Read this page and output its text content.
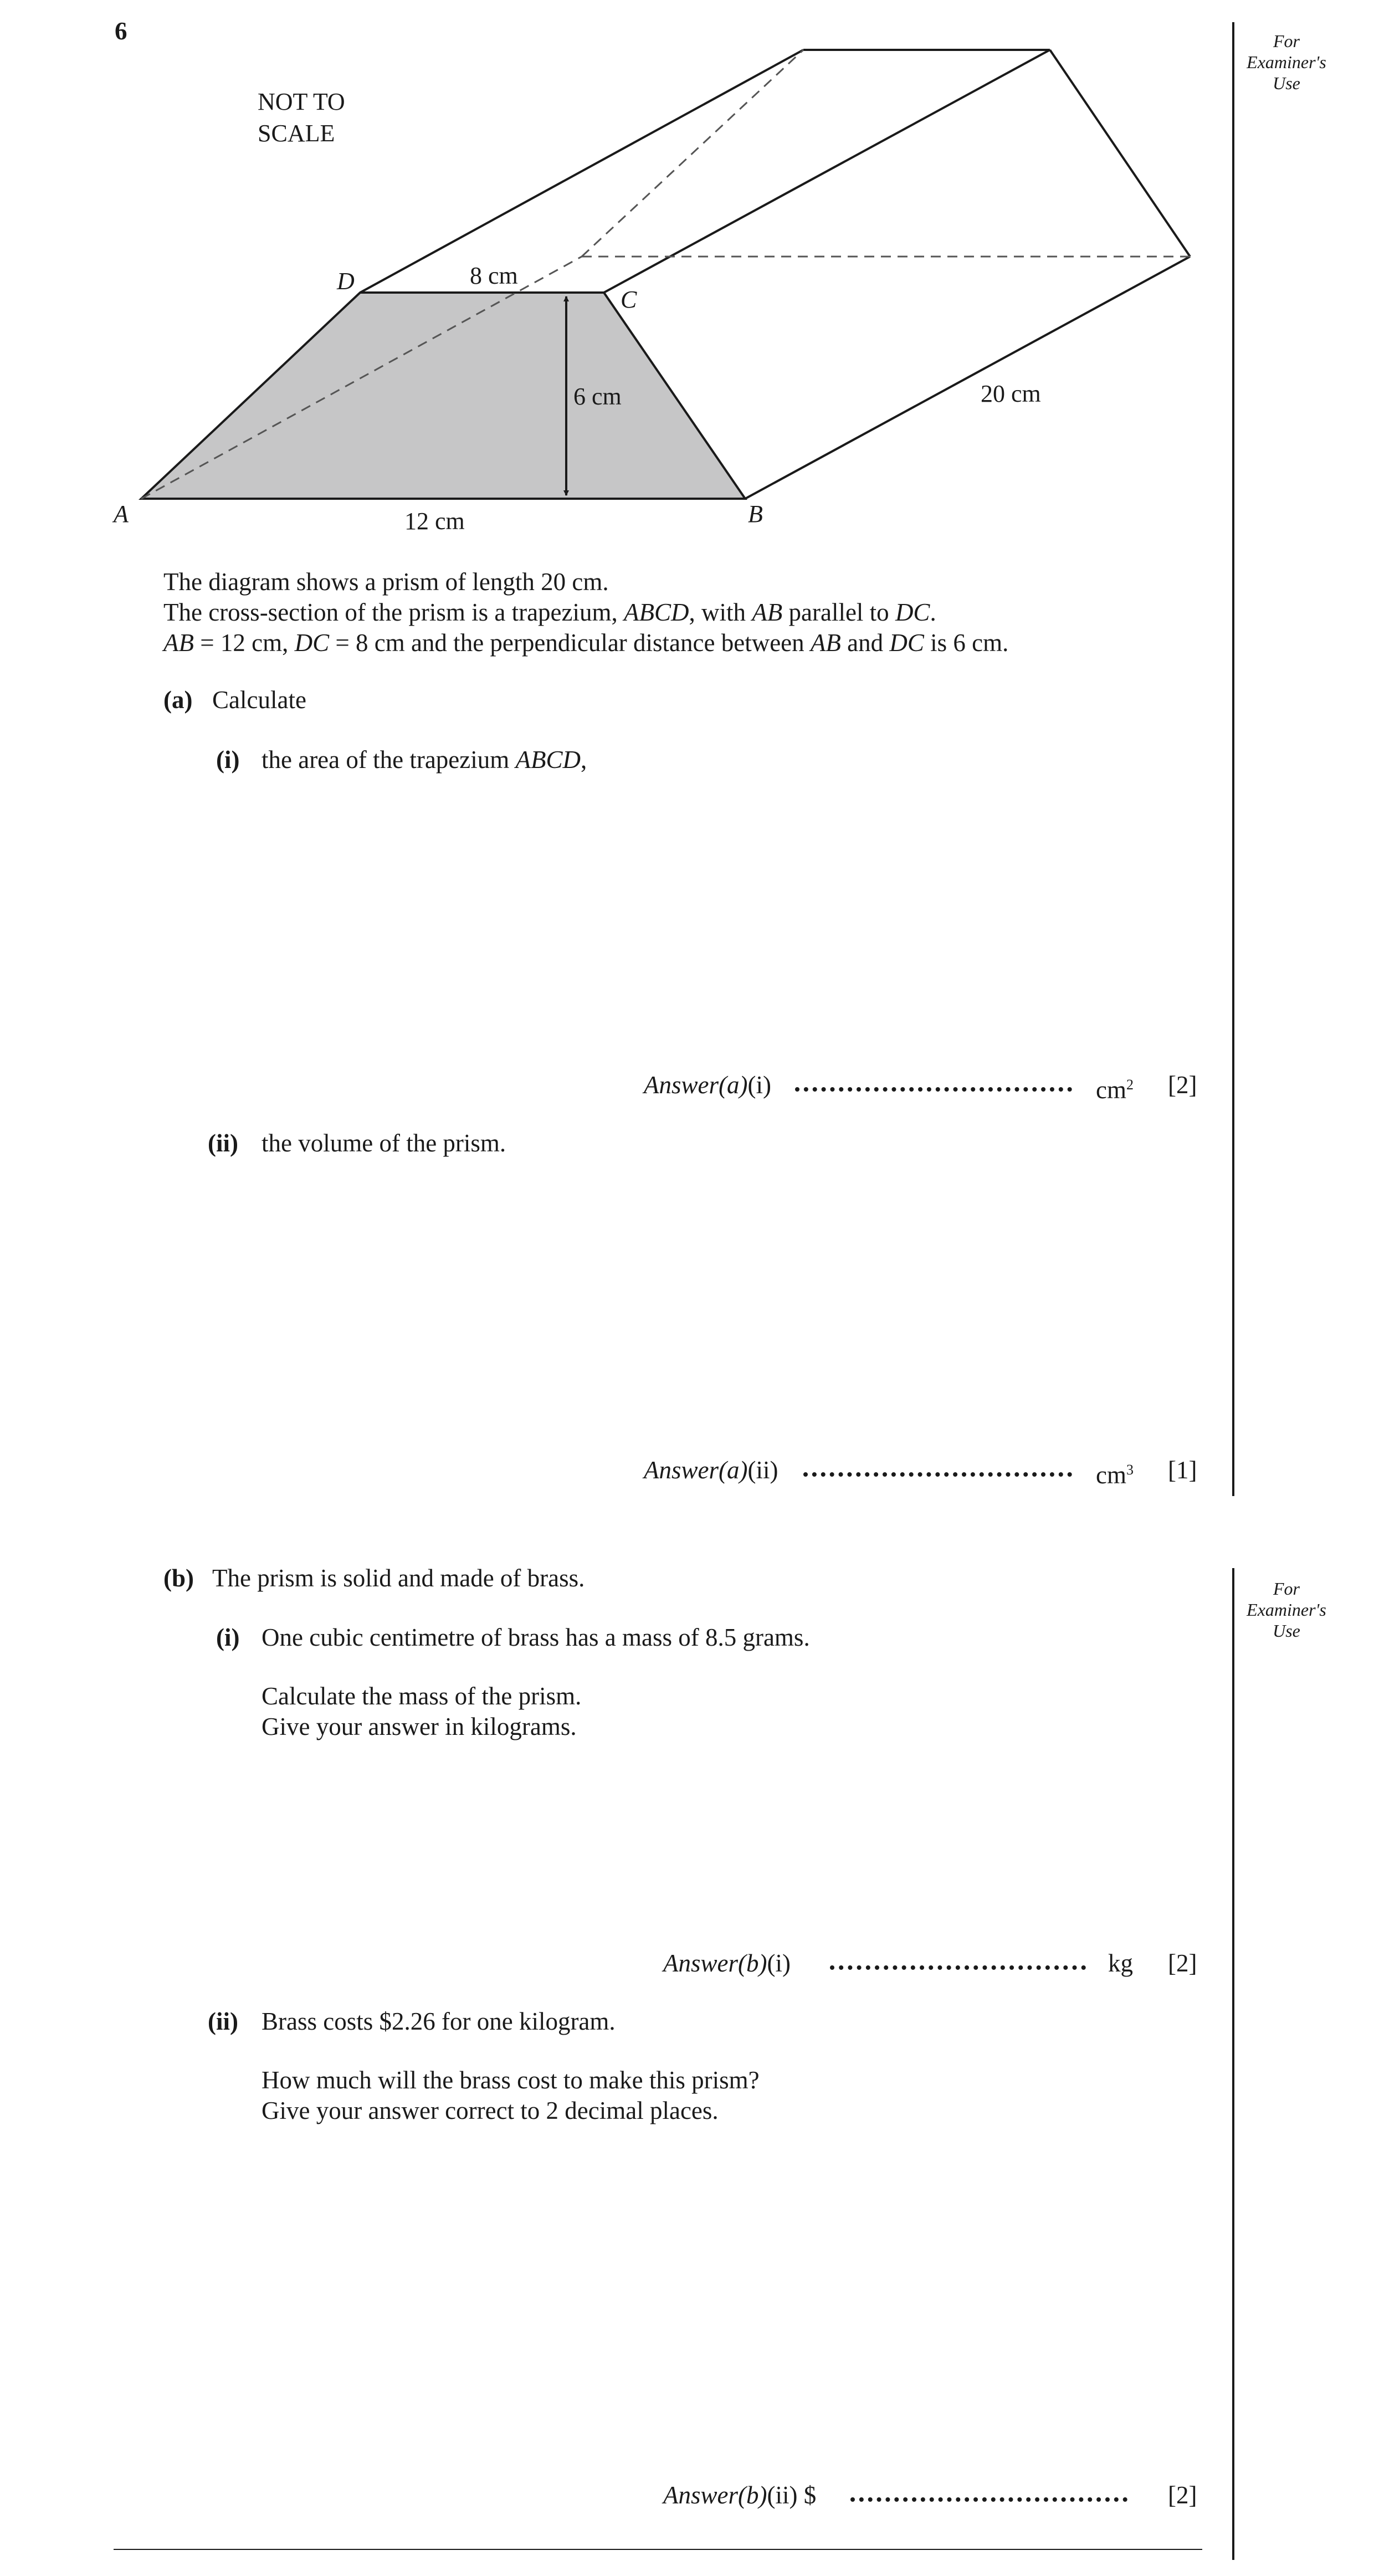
6	For
Examiner's
Use
For
Examiner's
Use
NOT TO
SCALE
A	B
C
D	8 cm
6 cm
12 cm
20 cm
The diagram shows a prism of length 20 cm.
The cross-section of the prism is a trapezium, ABCD, with AB parallel to DC.
AB = 12 cm, DC = 8 cm and the perpendicular distance between AB and DC is 6 cm.
(a) Calculate
(i) the area of the trapezium ABCD,
Answer(a)(i)	$cm^2$ [2]
(ii) the volume of the prism.
Answer(a)(ii)	$cm^3$ [1]
(b) The prism is solid and made of brass.
(i) One cubic centimetre of brass has a mass of 8.5 grams.
Calculate the mass of the prism.
Give your answer in kilograms.
Answer(b)(i)	kg [2]
(ii) Brass costs $2.26 for one kilogram.
How much will the brass cost to make this prism?
Give your answer correct to 2 decimal places.
Answer(b)(ii) $	[2]
